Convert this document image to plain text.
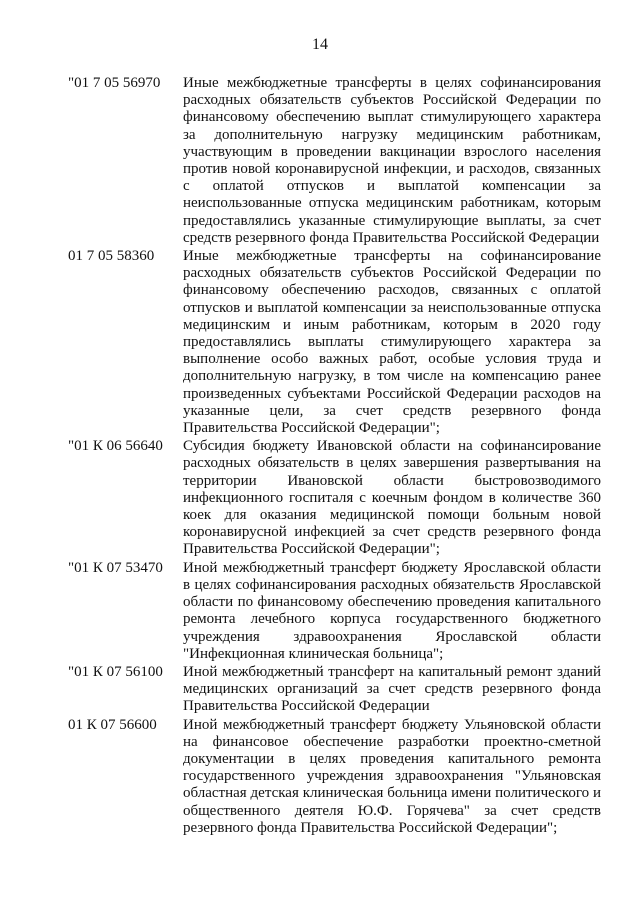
14
"01 7 05 56970	Иные межбюджетные трансферты в целях софинансирования расходных обязательств субъектов Российской Федерации по финансовому обеспечению выплат стимулирующего характера за дополнительную нагрузку медицинским работникам, участвующим в проведении вакцинации взрослого населения против новой коронавирусной инфекции, и расходов, связанных с оплатой отпусков и выплатой компенсации за неиспользованные отпуска медицинским работникам, которым предоставлялись указанные стимулирующие выплаты, за счет средств резервного фонда Правительства Российской Федерации
01 7 05 58360	Иные межбюджетные трансферты на софинансирование расходных обязательств субъектов Российской Федерации по финансовому обеспечению расходов, связанных с оплатой отпусков и выплатой компенсации за неиспользованные отпуска медицинским и иным работникам, которым в 2020 году предоставлялись выплаты стимулирующего характера за выполнение особо важных работ, особые условия труда и дополнительную нагрузку, в том числе на компенсацию ранее произведенных субъектами Российской Федерации расходов на указанные цели, за счет средств резервного фонда Правительства Российской Федерации";
"01 К 06 56640	Субсидия бюджету Ивановской области на софинансирование расходных обязательств в целях завершения развертывания на территории Ивановской области быстровозводимого инфекционного госпиталя с коечным фондом в количестве 360 коек для оказания медицинской помощи больным новой коронавирусной инфекцией за счет средств резервного фонда Правительства Российской Федерации";
"01 К 07 53470	Иной межбюджетный трансферт бюджету Ярославской области в целях софинансирования расходных обязательств Ярославской области по финансовому обеспечению проведения капитального ремонта лечебного корпуса государственного бюджетного учреждения здравоохранения Ярославской области "Инфекционная клиническая больница";
"01 К 07 56100	Иной межбюджетный трансферт на капитальный ремонт зданий медицинских организаций за счет средств резервного фонда Правительства Российской Федерации
01 К 07 56600	Иной межбюджетный трансферт бюджету Ульяновской области на финансовое обеспечение разработки проектно-сметной документации в целях проведения капитального ремонта государственного учреждения здравоохранения "Ульяновская областная детская клиническая больница имени политического и общественного деятеля Ю.Ф. Горячева" за счет средств резервного фонда Правительства Российской Федерации";
